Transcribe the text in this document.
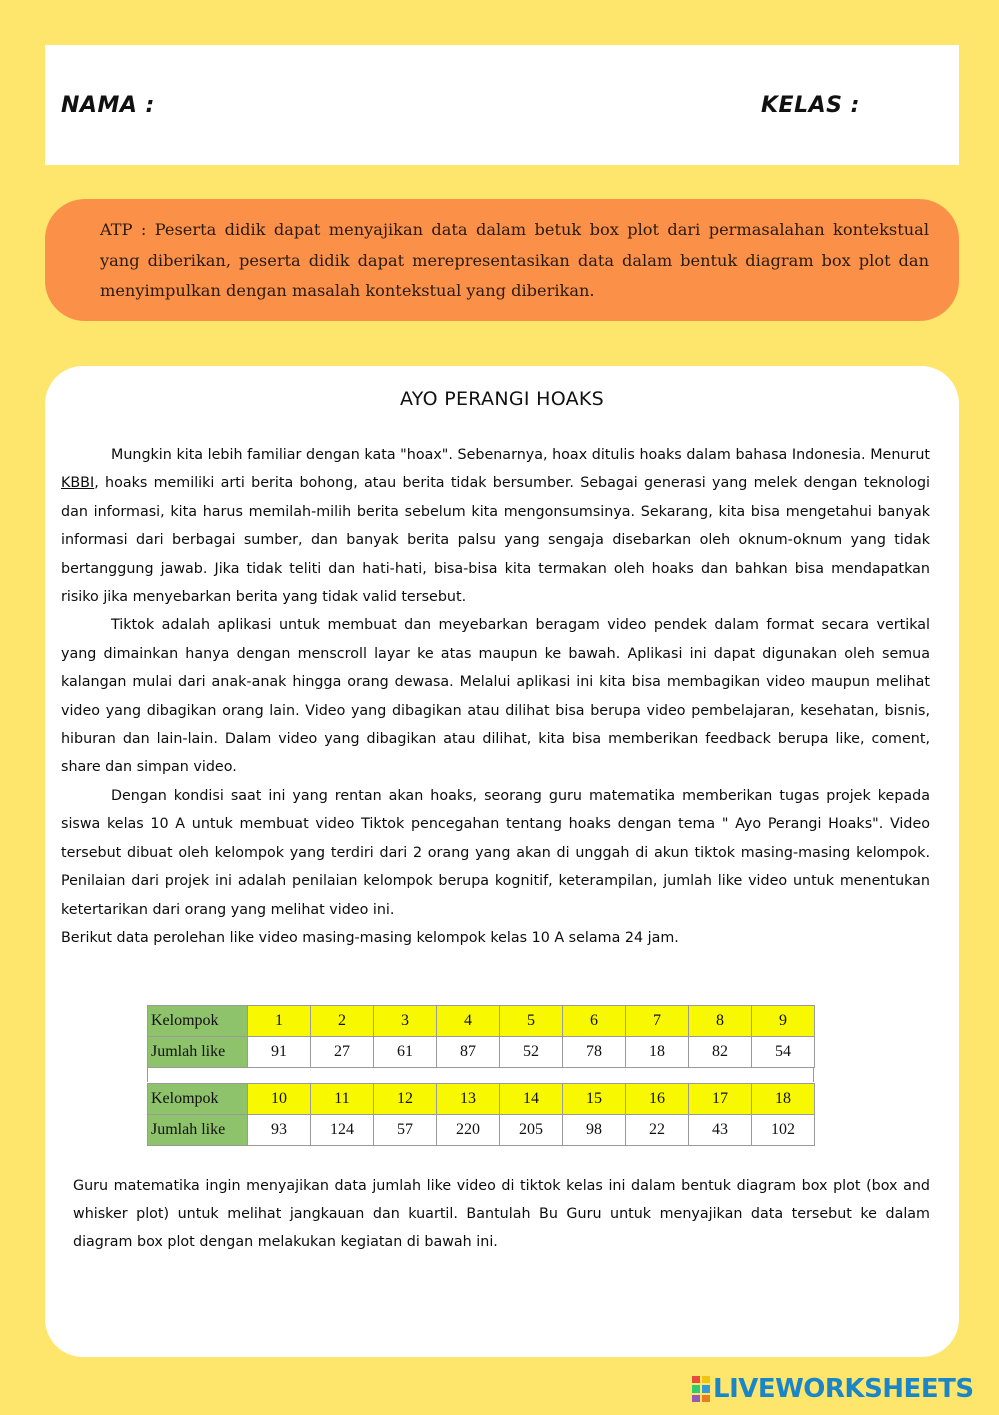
NAMA :	KELAS :

ATP : Peserta didik dapat menyajikan data dalam betuk box plot dari permasalahan kontekstual yang diberikan, peserta didik dapat merepresentasikan data dalam bentuk diagram box plot dan menyimpulkan dengan masalah kontekstual yang diberikan.

AYO PERANGI HOAKS

Mungkin kita lebih familiar dengan kata "hoax". Sebenarnya, hoax ditulis hoaks dalam bahasa Indonesia. Menurut KBBI, hoaks memiliki arti berita bohong, atau berita tidak bersumber. Sebagai generasi yang melek dengan teknologi dan informasi, kita harus memilah-milih berita sebelum kita mengonsumsinya. Sekarang, kita bisa mengetahui banyak informasi dari berbagai sumber, dan banyak berita palsu yang sengaja disebarkan oleh oknum-oknum yang tidak bertanggung jawab. Jika tidak teliti dan hati-hati, bisa-bisa kita termakan oleh hoaks dan bahkan bisa mendapatkan risiko jika menyebarkan berita yang tidak valid tersebut.

Tiktok adalah aplikasi untuk membuat dan meyebarkan beragam video pendek dalam format secara vertikal yang dimainkan hanya dengan menscroll layar ke atas maupun ke bawah. Aplikasi ini dapat digunakan oleh semua kalangan mulai dari anak-anak hingga orang dewasa. Melalui aplikasi ini kita bisa membagikan video maupun melihat video yang dibagikan orang lain. Video yang dibagikan atau dilihat bisa berupa video pembelajaran, kesehatan, bisnis, hiburan dan lain-lain. Dalam video yang dibagikan atau dilihat, kita bisa memberikan feedback berupa like, coment, share dan simpan video.

Dengan kondisi saat ini yang rentan akan hoaks, seorang guru matematika memberikan tugas projek kepada siswa kelas 10 A untuk membuat video Tiktok pencegahan tentang hoaks dengan tema " Ayo Perangi Hoaks". Video tersebut dibuat oleh kelompok yang terdiri dari 2 orang yang akan di unggah di akun tiktok masing-masing kelompok. Penilaian dari projek ini adalah penilaian kelompok berupa kognitif, keterampilan, jumlah like video untuk menentukan ketertarikan dari orang yang melihat video ini.

Berikut data perolehan like video masing-masing kelompok kelas 10 A selama 24 jam.

Kelompok	1	2	3	4	5	6	7	8	9
Jumlah like	91	27	61	87	52	78	18	82	54
Kelompok	10	11	12	13	14	15	16	17	18
Jumlah like	93	124	57	220	205	98	22	43	102

Guru matematika ingin menyajikan data jumlah like video di tiktok kelas ini dalam bentuk diagram box plot (box and whisker plot) untuk melihat jangkauan dan kuartil. Bantulah Bu Guru untuk menyajikan data tersebut ke dalam diagram box plot dengan melakukan kegiatan di bawah ini.

LIVEWORKSHEETS
